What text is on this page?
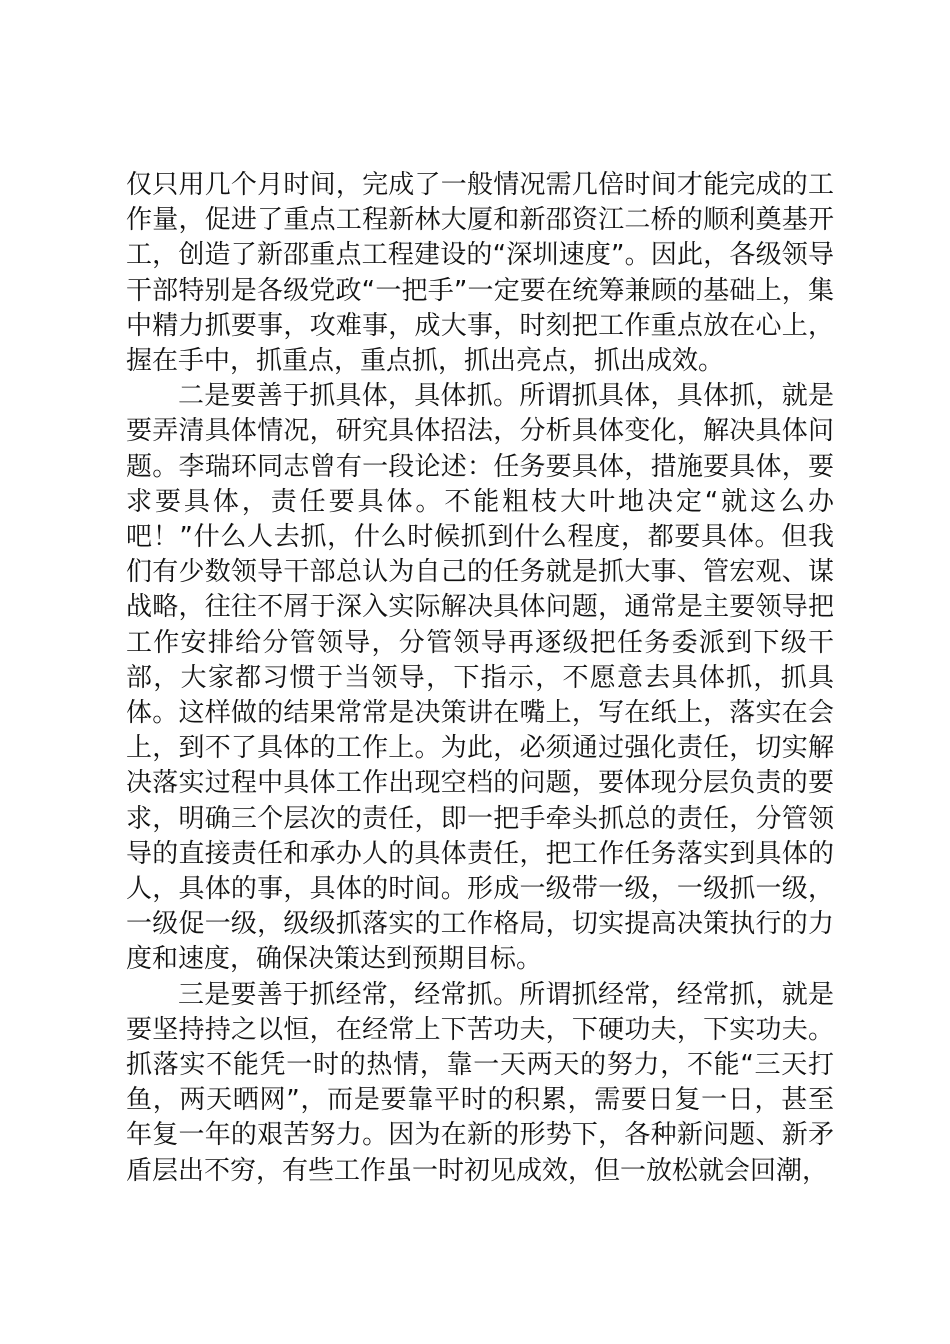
仅只用几个月时间，完成了一般情况需几倍时间才能完成的工作量，促进了重点工程新林大厦和新邵资江二桥的顺利奠基开工，创造了新邵重点工程建设的“深圳速度”。因此，各级领导干部特别是各级党政“一把手”一定要在统筹兼顾的基础上，集中精力抓要事，攻难事，成大事，时刻把工作重点放在心上，握在手中，抓重点，重点抓，抓出亮点，抓出成效。

二是要善于抓具体，具体抓。所谓抓具体，具体抓，就是要弄清具体情况，研究具体招法，分析具体变化，解决具体问题。李瑞环同志曾有一段论述：任务要具体，措施要具体，要求要具体，责任要具体。不能粗枝大叶地决定“就这么办吧！”什么人去抓，什么时候抓到什么程度，都要具体。但我们有少数领导干部总认为自己的任务就是抓大事、管宏观、谋战略，往往不屑于深入实际解决具体问题，通常是主要领导把工作安排给分管领导，分管领导再逐级把任务委派到下级干部，大家都习惯于当领导，下指示，不愿意去具体抓，抓具体。这样做的结果常常是决策讲在嘴上，写在纸上，落实在会上，到不了具体的工作上。为此，必须通过强化责任，切实解决落实过程中具体工作出现空档的问题，要体现分层负责的要求，明确三个层次的责任，即一把手牵头抓总的责任，分管领导的直接责任和承办人的具体责任，把工作任务落实到具体的人，具体的事，具体的时间。形成一级带一级，一级抓一级，一级促一级，级级抓落实的工作格局，切实提高决策执行的力度和速度，确保决策达到预期目标。

三是要善于抓经常，经常抓。所谓抓经常，经常抓，就是要坚持持之以恒，在经常上下苦功夫，下硬功夫，下实功夫。抓落实不能凭一时的热情，靠一天两天的努力，不能“三天打鱼，两天晒网”，而是要靠平时的积累，需要日复一日，甚至年复一年的艰苦努力。因为在新的形势下，各种新问题、新矛盾层出不穷，有些工作虽一时初见成效，但一放松就会回潮，
